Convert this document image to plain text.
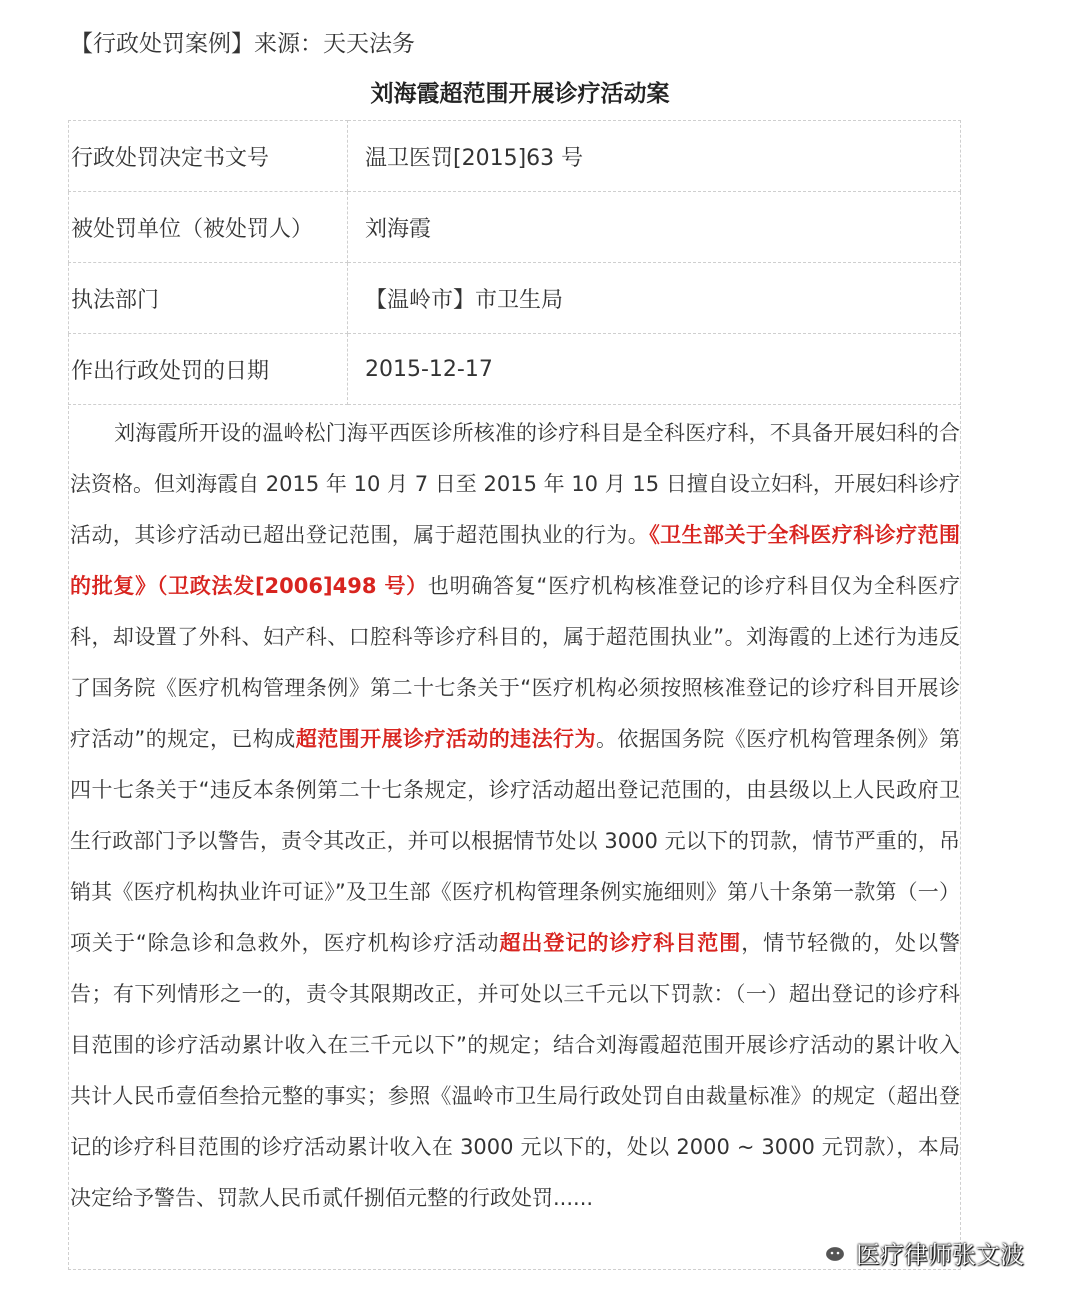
【行政处罚案例】来源：天天法务
刘海霞超范围开展诊疗活动案
行政处罚决定书文号	温卫医罚[2015]63 号
被处罚单位（被处罚人）	刘海霞
执法部门	【温岭市】市卫生局
作出行政处罚的日期	2015-12-17

刘海霞所开设的温岭松门海平西医诊所核准的诊疗科目是全科医疗科，不具备开展妇科的合法资格。但刘海霞自 2015 年 10 月 7 日至 2015 年 10 月 15 日擅自设立妇科，开展妇科诊疗活动，其诊疗活动已超出登记范围，属于超范围执业的行为。《卫生部关于全科医疗科诊疗范围的批复》（卫政法发[2006]498 号）也明确答复“医疗机构核准登记的诊疗科目仅为全科医疗科，却设置了外科、妇产科、口腔科等诊疗科目的，属于超范围执业”。刘海霞的上述行为违反了国务院《医疗机构管理条例》第二十七条关于“医疗机构必须按照核准登记的诊疗科目开展诊疗活动”的规定，已构成超范围开展诊疗活动的违法行为。依据国务院《医疗机构管理条例》第四十七条关于“违反本条例第二十七条规定，诊疗活动超出登记范围的，由县级以上人民政府卫生行政部门予以警告，责令其改正，并可以根据情节处以 3000 元以下的罚款，情节严重的，吊销其《医疗机构执业许可证》”及卫生部《医疗机构管理条例实施细则》第八十条第一款第（一）项关于“除急诊和急救外，医疗机构诊疗活动超出登记的诊疗科目范围，情节轻微的，处以警告；有下列情形之一的，责令其限期改正，并可处以三千元以下罚款：（一）超出登记的诊疗科目范围的诊疗活动累计收入在三千元以下”的规定；结合刘海霞超范围开展诊疗活动的累计收入共计人民币壹佰叁拾元整的事实；参照《温岭市卫生局行政处罚自由裁量标准》的规定（超出登记的诊疗科目范围的诊疗活动累计收入在 3000 元以下的，处以 2000 ~ 3000 元罚款），本局决定给予警告、罚款人民币贰仟捌佰元整的行政处罚......

医疗律师张文波
